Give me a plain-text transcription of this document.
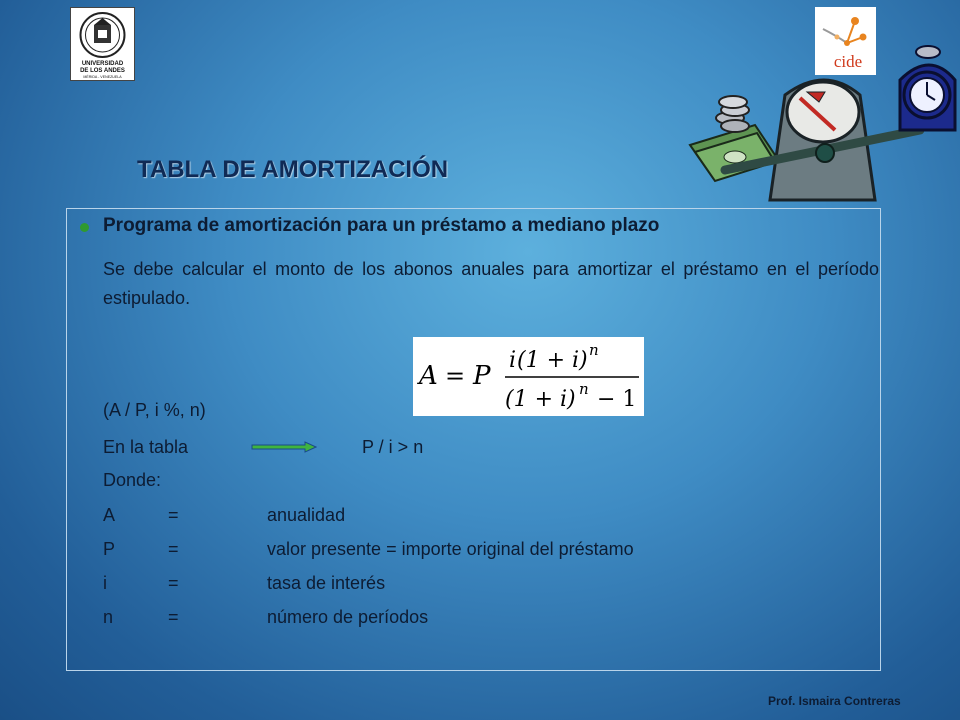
UNIVERSIDAD
DE LOS ANDES
MÉRIDA - VENEZUELA
cide
TABLA DE AMORTIZACIÓN
Programa de amortización para un préstamo a mediano plazo

Se debe calcular el monto de los abonos anuales para amortizar el préstamo en el período estipulado.

A = P
i (1 + i) n
(1 + i) n − 1
(A / P, i %, n)
En la tabla	P / i > n
Donde:
A	=	anualidad
P	=	valor presente = importe original del préstamo
i	=	tasa de interés
n	=	número de períodos
Prof. Ismaira Contreras
